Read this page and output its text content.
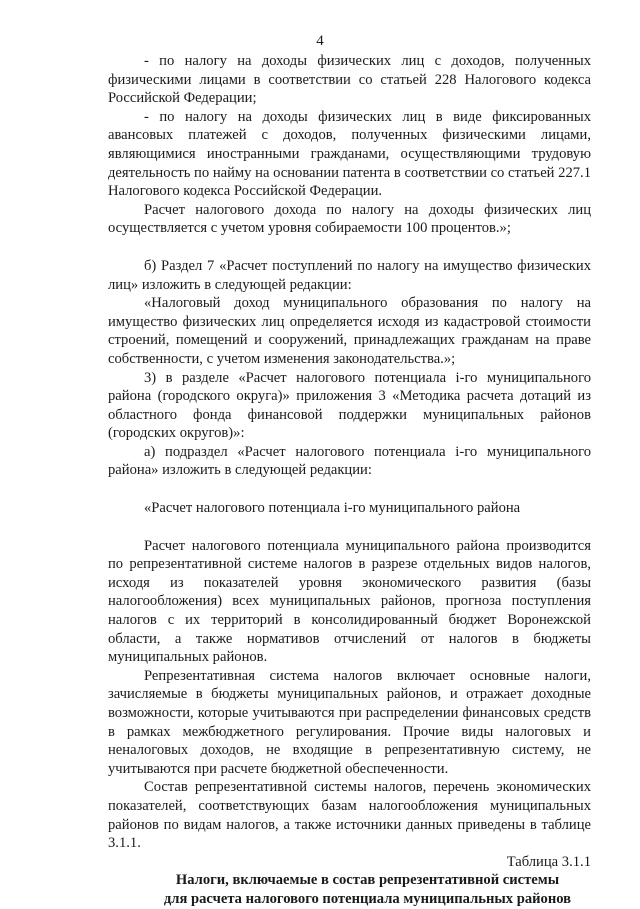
4

- по налогу на доходы физических лиц с доходов, полученных физическими лицами в соответствии со статьей 228 Налогового кодекса Российской Федерации;

- по налогу на доходы физических лиц в виде фиксированных авансовых платежей с доходов, полученных физическими лицами, являющимися иностранными гражданами, осуществляющими трудовую деятельность по найму на основании патента в соответствии со статьей 227.1 Налогового кодекса Российской Федерации.

Расчет налогового дохода по налогу на доходы физических лиц осуществляется с учетом уровня собираемости 100 процентов.»;

б) Раздел 7 «Расчет поступлений по налогу на имущество физических лиц» изложить в следующей редакции:

«Налоговый доход муниципального образования по налогу на имущество физических лиц определяется исходя из кадастровой стоимости строений, помещений и сооружений, принадлежащих гражданам на праве собственности, с учетом изменения законодательства.»;

3) в разделе «Расчет налогового потенциала i-го муниципального района (городского округа)» приложения 3 «Методика расчета дотаций из областного фонда финансовой поддержки муниципальных районов (городских округов)»:

а) подраздел «Расчет налогового потенциала i-го муниципального района» изложить в следующей редакции:

«Расчет налогового потенциала i-го муниципального района

Расчет налогового потенциала муниципального района производится по репрезентативной системе налогов в разрезе отдельных видов налогов, исходя из показателей уровня экономического развития (базы налогообложения) всех муниципальных районов, прогноза поступления налогов с их территорий в консолидированный бюджет Воронежской области, а также нормативов отчислений от налогов в бюджеты муниципальных районов.

Репрезентативная система налогов включает основные налоги, зачисляемые в бюджеты муниципальных районов, и отражает доходные возможности, которые учитываются при распределении финансовых средств в рамках межбюджетного регулирования. Прочие виды налоговых и неналоговых доходов, не входящие в репрезентативную систему, не учитываются при расчете бюджетной обеспеченности.

Состав репрезентативной системы налогов, перечень экономических показателей, соответствующих базам налогообложения муниципальных районов по видам налогов, а также источники данных приведены в таблице 3.1.1.

Таблица 3.1.1

Налоги, включаемые в состав репрезентативной системы
для расчета налогового потенциала муниципальных районов
